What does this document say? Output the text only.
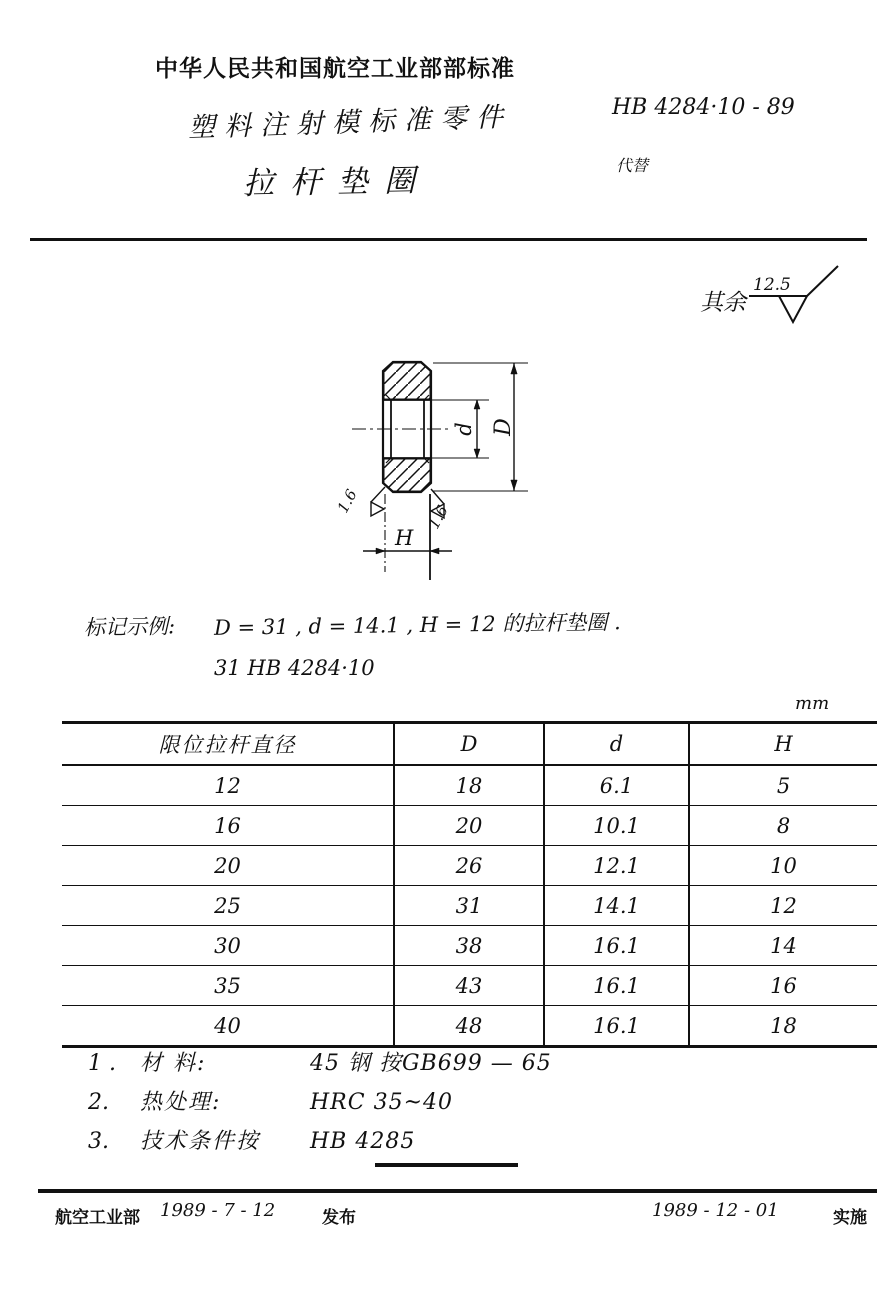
中华人民共和国航空工业部部标准
塑料注射模标准零件
拉杆垫圈
HB 4284·10 - 89
代替
其余
12.5
d D
H
1.6
1.6
标记示例: D = 31 , d = 14.1 , H = 12 的拉杆垫圈 .
31 HB 4284·10
mm
限位拉杆直径	D	d	H
12	18	6.1	5
16	20	10.1	8
20	26	12.1	10
25	31	14.1	12
30	38	16.1	14
35	43	16.1	16
40	48	16.1	18
1 .	材 料:	45 钢 按GB699 — 65
2.	热处理:	HRC 35~40
3.	技术条件按	HB 4285
航空工业部 1989 - 7 - 12	发布	1989 - 12 - 01	实施
